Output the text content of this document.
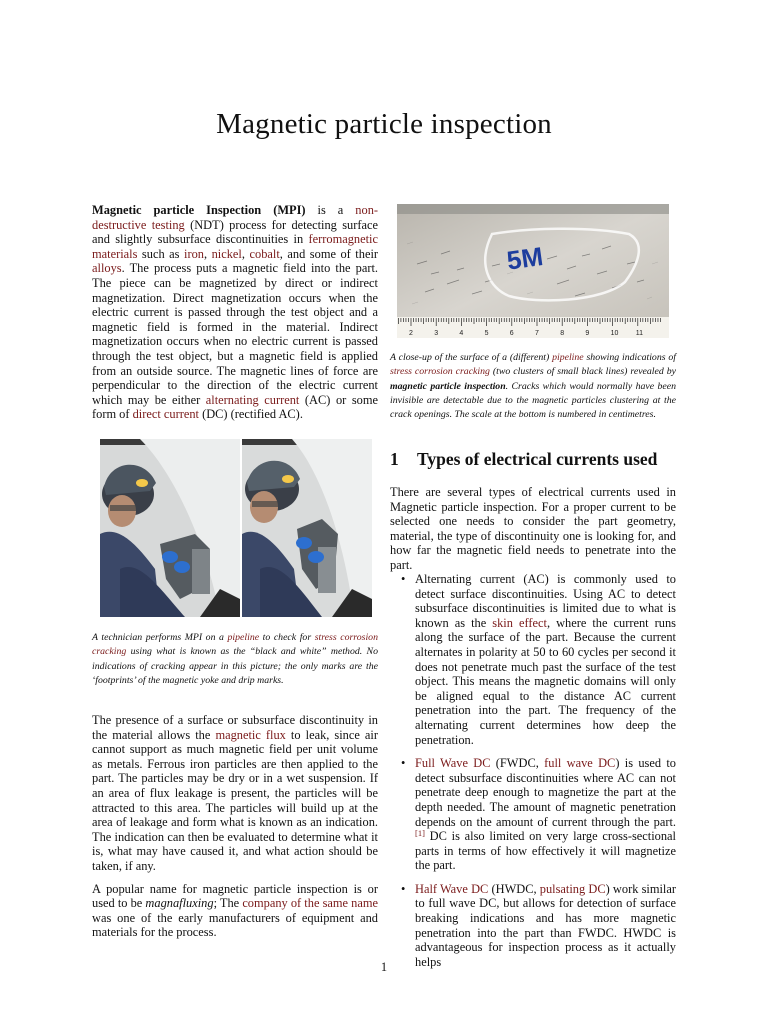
Magnetic particle inspection

Magnetic particle Inspection (MPI) is a non-destructive testing (NDT) process for detecting surface and slightly subsurface discontinuities in ferromagnetic materials such as iron, nickel, cobalt, and some of their alloys. The process puts a magnetic field into the part. The piece can be magnetized by direct or indirect magnetization. Direct magnetization occurs when the electric current is passed through the test object and a magnetic field is formed in the material. Indirect magnetization occurs when no electric current is passed through the test object, but a magnetic field is applied from an outside source. The magnetic lines of force are perpendicular to the direction of the electric current which may be either alternating current (AC) or some form of direct current (DC) (rectified AC).

5M
2	3	4	5	6	7	8	9	10 11

A close-up of the surface of a (different) pipeline showing indications of stress corrosion cracking (two clusters of small black lines) revealed by magnetic particle inspection. Cracks which would normally have been invisible are detectable due to the magnetic particles clustering at the crack openings. The scale at the bottom is numbered in centimetres.

A technician performs MPI on a pipeline to check for stress corrosion cracking using what is known as the “black and white” method. No indications of cracking appear in this picture; the only marks are the ‘footprints’ of the magnetic yoke and drip marks.

The presence of a surface or subsurface discontinuity in the material allows the magnetic flux to leak, since air cannot support as much magnetic field per unit volume as metals. Ferrous iron particles are then applied to the part. The particles may be dry or in a wet suspension. If an area of flux leakage is present, the particles will be attracted to this area. The particles will build up at the area of leakage and form what is known as an indication. The indication can then be evaluated to determine what it is, what may have caused it, and what action should be taken, if any.

A popular name for magnetic particle inspection is or used to be magnafluxing; The company of the same name was one of the early manufacturers of equipment and materials for the process.

1 Types of electrical currents used

There are several types of electrical currents used in Magnetic particle inspection. For a proper current to be selected one needs to consider the part geometry, material, the type of discontinuity one is looking for, and how far the magnetic field needs to penetrate into the part.

• Alternating current (AC) is commonly used to detect surface discontinuities. Using AC to detect subsurface discontinuities is limited due to what is known as the skin effect, where the current runs along the surface of the part. Because the current alternates in polarity at 50 to 60 cycles per second it does not penetrate much past the surface of the test object. This means the magnetic domains will only be aligned equal to the distance AC current penetration into the part. The frequency of the alternating current determines how deep the penetration.
• Full Wave DC (FWDC, full wave DC) is used to detect subsurface discontinuities where AC can not penetrate deep enough to magnetize the part at the depth needed. The amount of magnetic penetration depends on the amount of current through the part.[1] DC is also limited on very large cross-sectional parts in terms of how effectively it will magnetize the part.
• Half Wave DC (HWDC, pulsating DC) work similar to full wave DC, but allows for detection of surface breaking indications and has more magnetic penetration into the part than FWDC. HWDC is advantageous for inspection process as it actually helps
1
